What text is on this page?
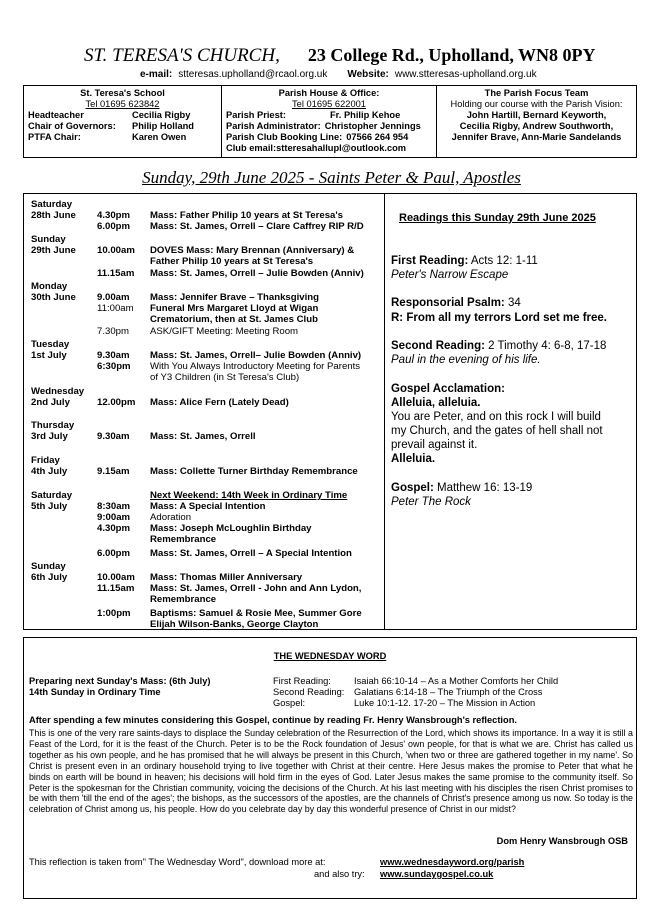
ST. TERESA'S CHURCH, 23 College Rd., Upholland, WN8 0PY
e-mail: stteresas.upholland@rcaol.org.uk Website: www.stteresas-upholland.org.uk
St. Teresa's School
Tel 01695 623842
Headteacher	Cecilia Rigby
Chair of Governors:	Philip Holland
PTFA Chair:	Karen Owen
Parish House & Office:
Tel 01695 622001
Parish Priest:	Fr. Philip Kehoe
Parish Administrator: Christopher Jennings
Parish Club Booking Line: 07566 264 954
Club email: stteresahallupl@outlook.com
The Parish Focus Team
Holding our course with the Parish Vision:
John Hartill, Bernard Keyworth,
Cecilia Rigby, Andrew Southworth,
Jennifer Brave, Ann-Marie Sandelands
Sunday, 29th June 2025 - Saints Peter & Paul, Apostles
Saturday
28th June 4.30pm Mass: Father Philip 10 years at St Teresa's
6.00pm Mass: St. James, Orrell – Clare Caffrey RIP R/D
Sunday
29th June 10.00am DOVES Mass: Mary Brennan (Anniversary) &
Father Philip 10 years at St Teresa's
11.15am Mass: St. James, Orrell – Julie Bowden (Anniv)
Monday
30th June 9.00am Mass: Jennifer Brave – Thanksgiving
11:00am Funeral Mrs Margaret Lloyd at Wigan
Crematorium, then at St. James Club
7.30pm ASK/GIFT Meeting: Meeting Room
Tuesday
1st July	9.30am Mass: St. James, Orrell– Julie Bowden (Anniv)
6:30pm With You Always Introductory Meeting for Parents
of Y3 Children (in St Teresa's Club)
Wednesday
2nd July	12.00pm Mass: Alice Fern (Lately Dead)
Thursday
3rd July	9.30am Mass: St. James, Orrell
Friday
4th July	9.15am Mass: Collette Turner Birthday Remembrance
Saturday	Next Weekend: 14th Week in Ordinary Time
5th July	8:30am Mass: A Special Intention
9:00am Adoration
4.30pm Mass: Joseph McLoughlin Birthday
Remembrance
6.00pm Mass: St. James, Orrell – A Special Intention
Sunday
6th July	10.00am Mass: Thomas Miller Anniversary
11.15am Mass: St. James, Orrell - John and Ann Lydon,
Remembrance
1:00pm Baptisms: Samuel & Rosie Mee, Summer Gore
Elijah Wilson-Banks, George Clayton
Readings this Sunday 29th June 2025
First Reading: Acts 12: 1-11
Peter's Narrow Escape
Responsorial Psalm: 34
R: From all my terrors Lord set me free.
Second Reading: 2 Timothy 4: 6-8, 17-18
Paul in the evening of his life.
Gospel Acclamation:
Alleluia, alleluia.
You are Peter, and on this rock I will build
my Church, and the gates of hell shall not
prevail against it.
Alleluia.
Gospel: Matthew 16: 13-19
Peter The Rock
THE WEDNESDAY WORD
Preparing next Sunday's Mass: (6th July)
14th Sunday in Ordinary Time
First Reading: Isaiah 66:10-14 – As a Mother Comforts her Child
Second Reading: Galatians 6:14-18 – The Triumph of the Cross
Gospel:	Luke 10:1-12. 17-20 – The Mission in Action
After spending a few minutes considering this Gospel, continue by reading Fr. Henry Wansbrough's reflection.
This is one of the very rare saints-days to displace the Sunday celebration of the Resurrection of the Lord, which shows its importance. In a way it is still a Feast of the Lord, for it is the feast of the Church. Peter is to be the Rock foundation of Jesus' own people, for that is what we are. Christ has called us together as his own people, and he has promised that he will always be present in this Church, 'when two or three are gathered together in my name'. So Christ is present even in an ordinary household trying to live together with Christ at their centre. Here Jesus makes the promise to Peter that what he binds on earth will be bound in heaven; his decisions will hold firm in the eyes of God. Later Jesus makes the same promise to the community itself. So Peter is the spokesman for the Christian community, voicing the decisions of the Church. At his last meeting with his disciples the risen Christ promises to be with them 'till the end of the ages'; the bishops, as the successors of the apostles, are the channels of Christ's presence among us now. So today is the celebration of Christ among us, his people. How do you celebrate day by day this wonderful presence of Christ in our midst?
Dom Henry Wansbrough OSB
This reflection is taken from" The Wednesday Word", download more at:	www.wednesdayword.org/parish
and also try: www.sundaygospel.co.uk
